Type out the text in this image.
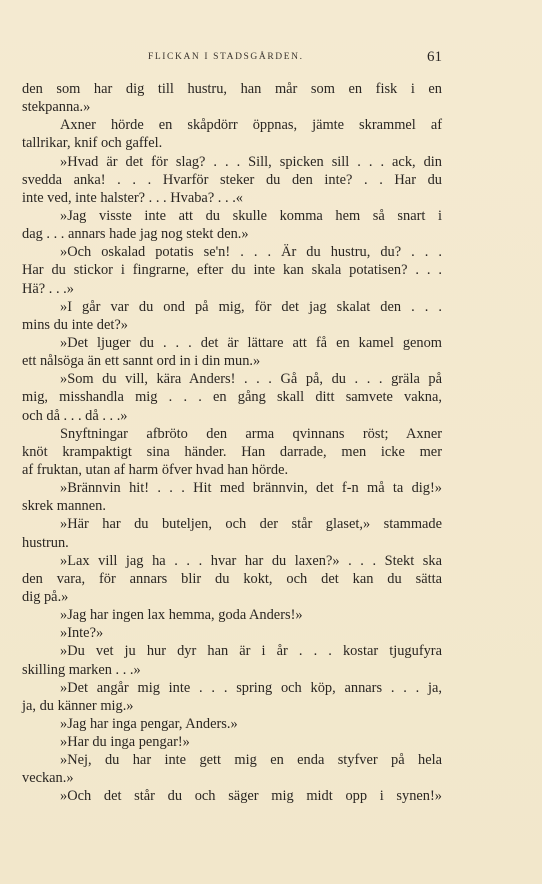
FLICKAN I STADSGÅRDEN.	61
den som har dig till hustru, han mår som en fisk i en
stekpanna.»
Axner hörde en skåpdörr öppnas, jämte skrammel af
tallrikar, knif och gaffel.
»Hvad är det för slag? . . . Sill, spicken sill . . . ack, din
svedda anka! . . . Hvarför steker du den inte? . . Har du
inte ved, inte halster? . . . Hvaba? . . .«
»Jag visste inte att du skulle komma hem så snart i
dag . . . annars hade jag nog stekt den.»
»Och oskalad potatis se'n! . . . Är du hustru, du? . . .
Har du stickor i fingrarne, efter du inte kan skala potatisen? . . .
Hä? . . .»
»I går var du ond på mig, för det jag skalat den . . .
mins du inte det?»
»Det ljuger du . . . det är lättare att få en kamel genom
ett nålsöga än ett sannt ord in i din mun.»
»Som du vill, kära Anders! . . . Gå på, du . . . gräla på
mig, misshandla mig . . . en gång skall ditt samvete vakna,
och då . . . då . . .»
Snyftningar afbröto den arma qvinnans röst; Axner
knöt krampaktigt sina händer. Han darrade, men icke mer
af fruktan, utan af harm öfver hvad han hörde.
»Brännvin hit! . . . Hit med brännvin, det f-n må ta dig!»
skrek mannen.
»Här har du buteljen, och der står glaset,» stammade
hustrun.
»Lax vill jag ha . . . hvar har du laxen?» . . . Stekt ska
den vara, för annars blir du kokt, och det kan du sätta
dig på.»
»Jag har ingen lax hemma, goda Anders!»
»Inte?»
»Du vet ju hur dyr han är i år . . . kostar tjugufyra
skilling marken . . .»
»Det angår mig inte . . . spring och köp, annars . . . ja,
ja, du känner mig.»
»Jag har inga pengar, Anders.»
»Har du inga pengar!»
»Nej, du har inte gett mig en enda styfver på hela
veckan.»
»Och det står du och säger mig midt opp i synen!»
